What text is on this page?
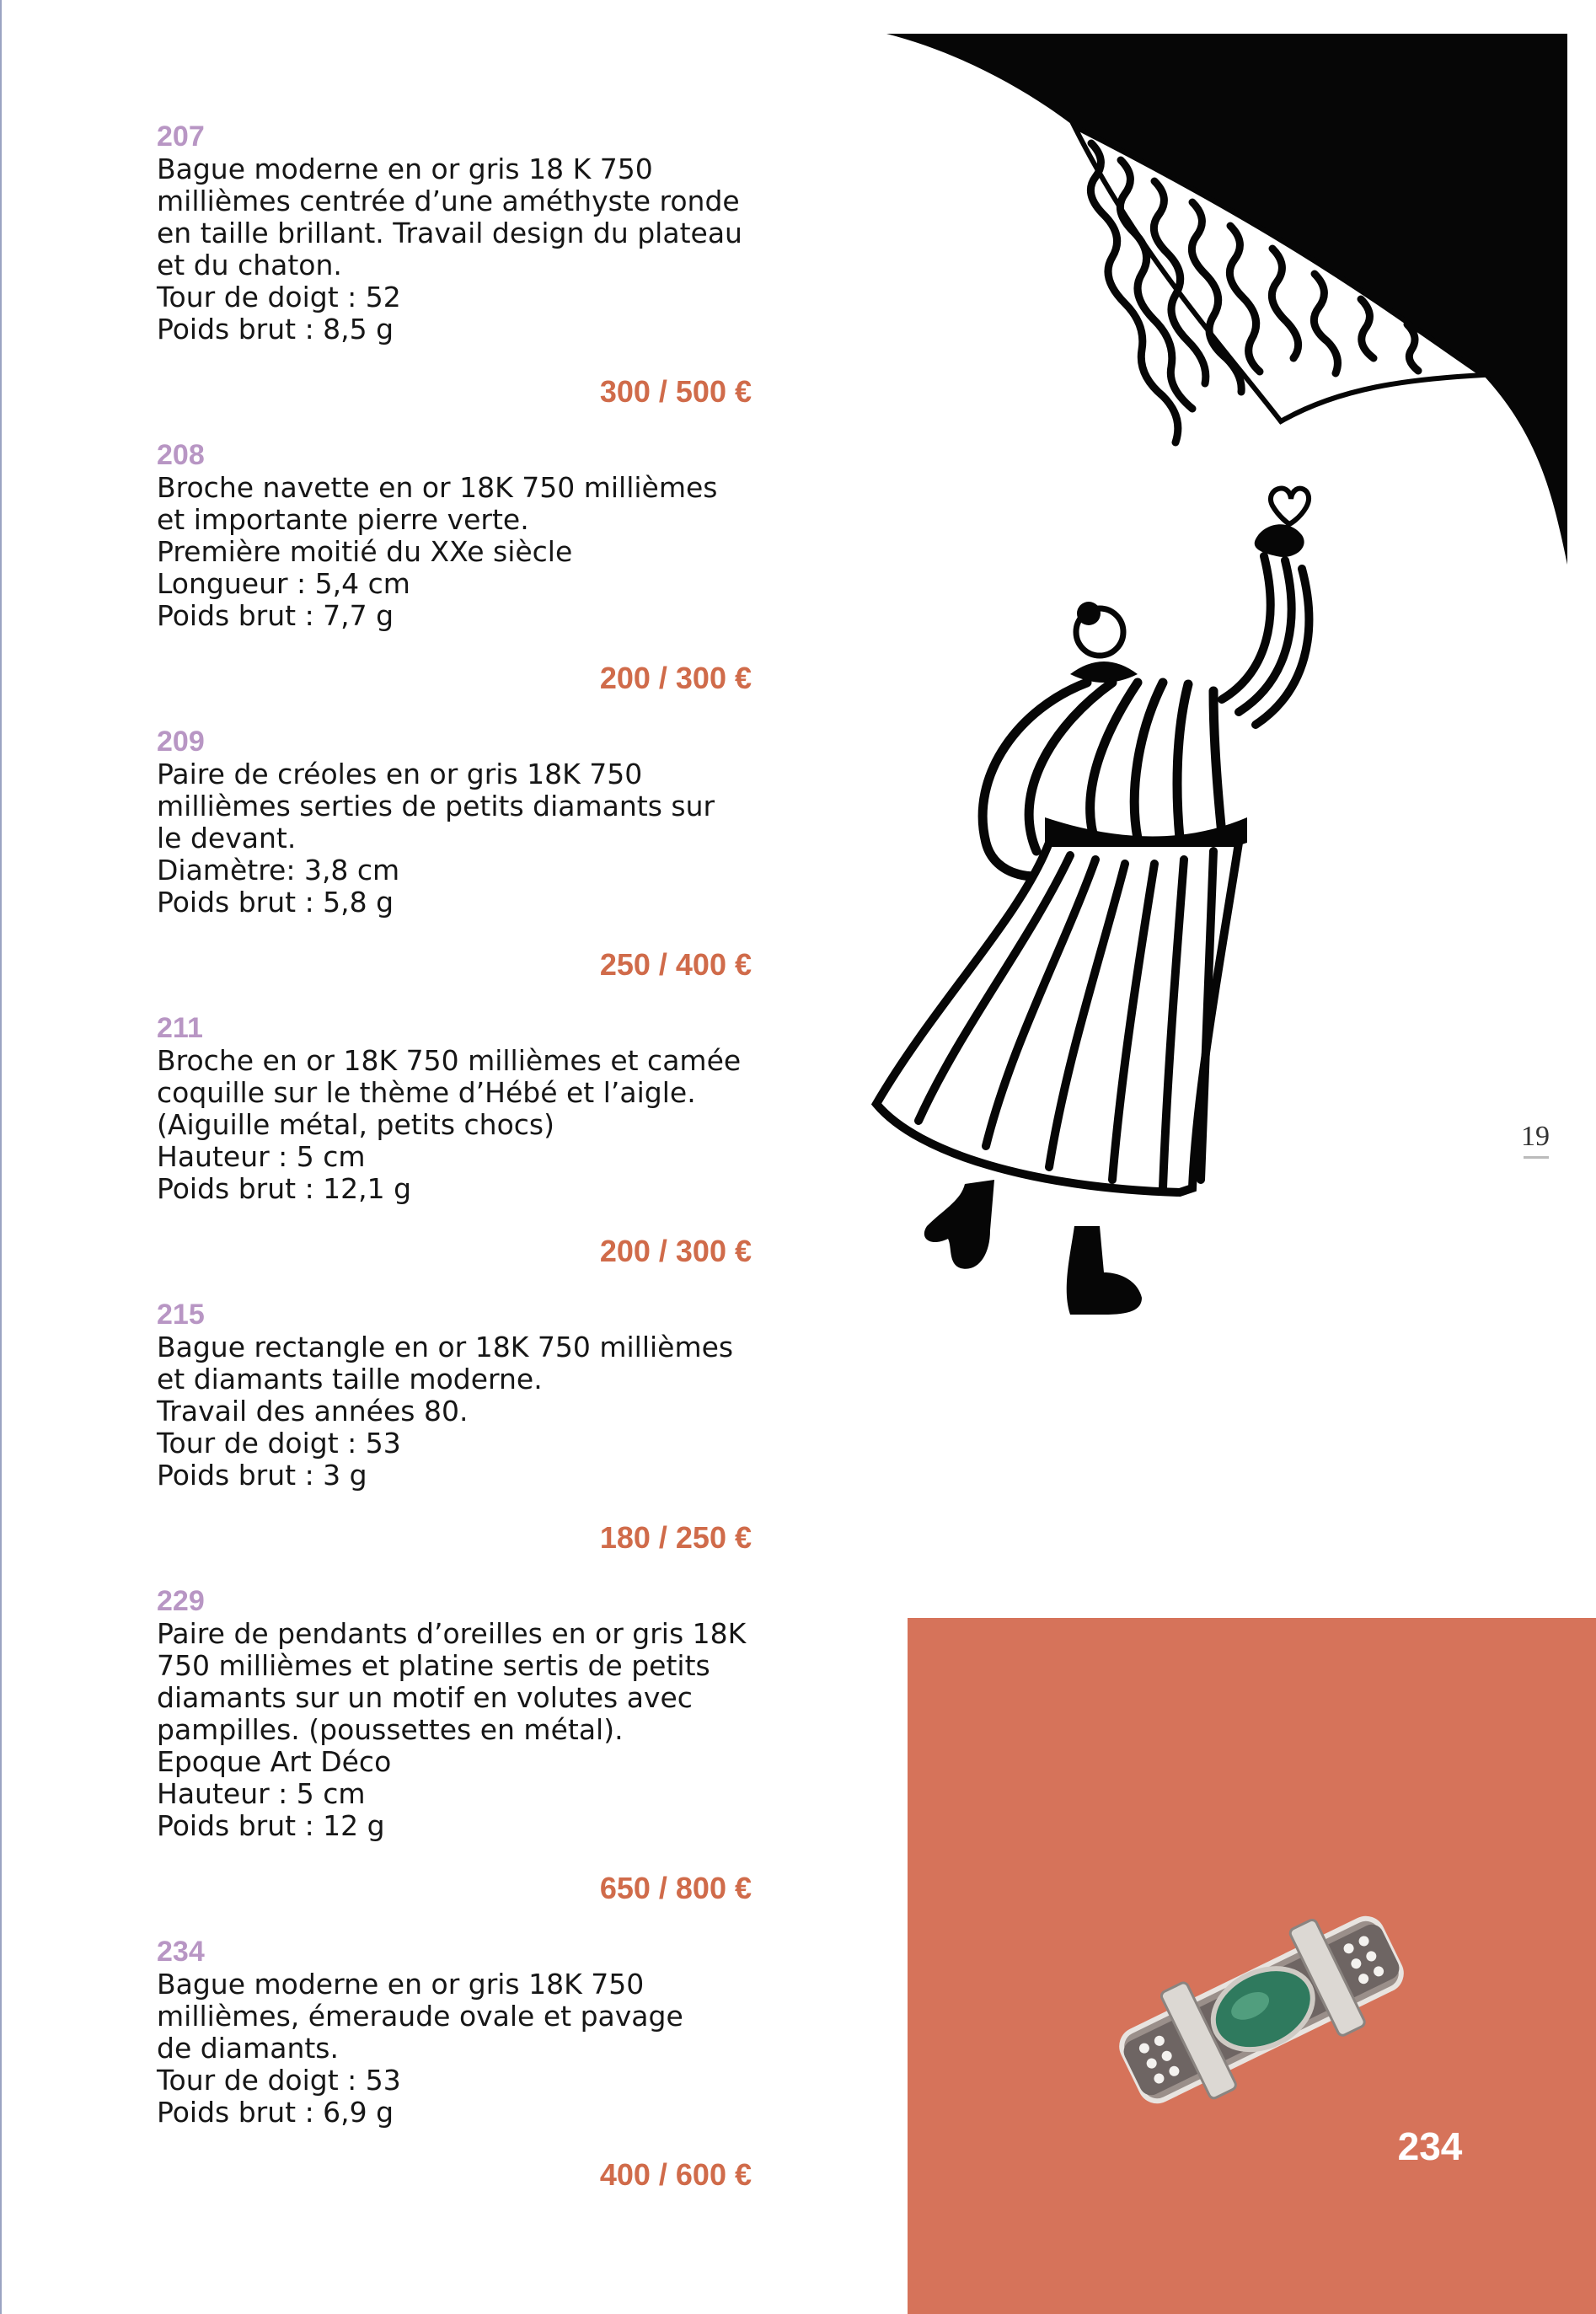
207
Bague moderne en or gris 18 K 750
millièmes centrée d’une améthyste ronde
en taille brillant. Travail design du plateau
et du chaton.
Tour de doigt : 52
Poids brut : 8,5 g
300 / 500 €
208
Broche navette en or 18K 750 millièmes
et importante pierre verte.
Première moitié du XXe siècle
Longueur : 5,4 cm
Poids brut : 7,7 g
200 / 300 €
209
Paire de créoles en or gris 18K 750
millièmes serties de petits diamants sur
le devant.
Diamètre: 3,8 cm
Poids brut : 5,8 g
250 / 400 €
211
Broche en or 18K 750 millièmes et camée
coquille sur le thème d’Hébé et l’aigle.
(Aiguille métal, petits chocs)
Hauteur : 5 cm
Poids brut : 12,1 g
200 / 300 €
215
Bague rectangle en or 18K 750 millièmes
et diamants taille moderne.
Travail des années 80.
Tour de doigt : 53
Poids brut : 3 g
180 / 250 €
229
Paire de pendants d’oreilles en or gris 18K
750 millièmes et platine sertis de petits
diamants sur un motif en volutes avec
pampilles. (poussettes en métal).
Epoque Art Déco
Hauteur : 5 cm
Poids brut : 12 g
650 / 800 €
234
Bague moderne en or gris 18K 750
millièmes, émeraude ovale et pavage
de diamants.
Tour de doigt : 53
Poids brut : 6,9 g
400 / 600 €
19
234
